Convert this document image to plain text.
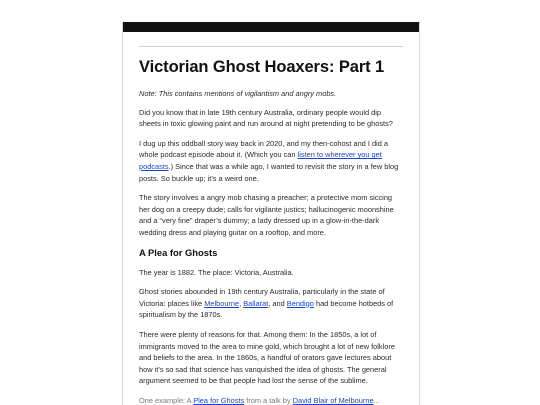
Victorian Ghost Hoaxers: Part 1

Note: This contains mentions of vigilantism and angry mobs.

Did you know that in late 19th century Australia, ordinary people would dip sheets in toxic glowing paint and run around at night pretending to be ghosts?

I dug up this oddball story way back in 2020, and my then-cohost and I did a whole podcast episode about it. (Which you can listen to wherever you get podcasts.) Since that was a while ago, I wanted to revisit the story in a few blog posts. So buckle up; it’s a weird one.

The story involves a angry mob chasing a preacher; a protective mom siccing her dog on a creepy dude; calls for vigilante justics; hallucinogenic moonshine and a “very fine” draper’s dummy; a lady dressed up in a glow-in-the-dark wedding dress and playing guitar on a rooftop, and more.

A Plea for Ghosts

The year is 1882. The place: Victoria, Australia.

Ghost stories abounded in 19th century Australia, particularly in the state of Victoria: places like Melbourne, Ballarat, and Bendigo had become hotbeds of spiritualism by the 1870s.

There were plenty of reasons for that. Among them: In the 1850s, a lot of immigrants moved to the area to mine gold, which brought a lot of new folklore and beliefs to the area. In the 1860s, a handful of orators gave lectures about how it’s so sad that science has vanquished the idea of ghosts. The general argument seemed to be that people had lost the sense of the sublime.

One example: A Plea for Ghosts from a talk by David Blair of Melbourne...
